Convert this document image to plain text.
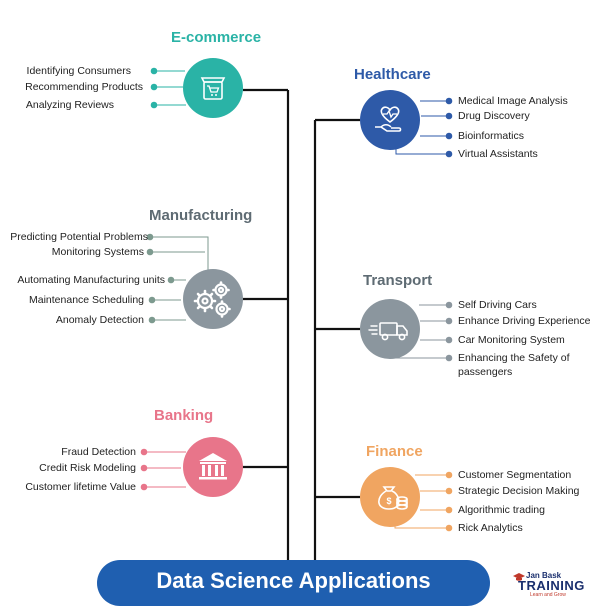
E-commerce
Identifying Consumers
Recommending Products
Analyzing Reviews
Healthcare
Medical Image Analysis
Drug Discovery
Bioinformatics
Virtual Assistants
Manufacturing
Predicting Potential Problems
Monitoring Systems
Automating Manufacturing units
Maintenance Scheduling
Anomaly Detection
Transport
Self Driving Cars
Enhance Driving Experience
Car Monitoring System
Enhancing the Safety of
passengers
Banking
Fraud Detection
Credit Risk Modeling
Customer lifetime Value
Finance
$
Customer Segmentation
Strategic Decision Making
Algorithmic trading
Rick Analytics
Data Science Applications	Jan Bask
TRAINING
Learn and Grow
